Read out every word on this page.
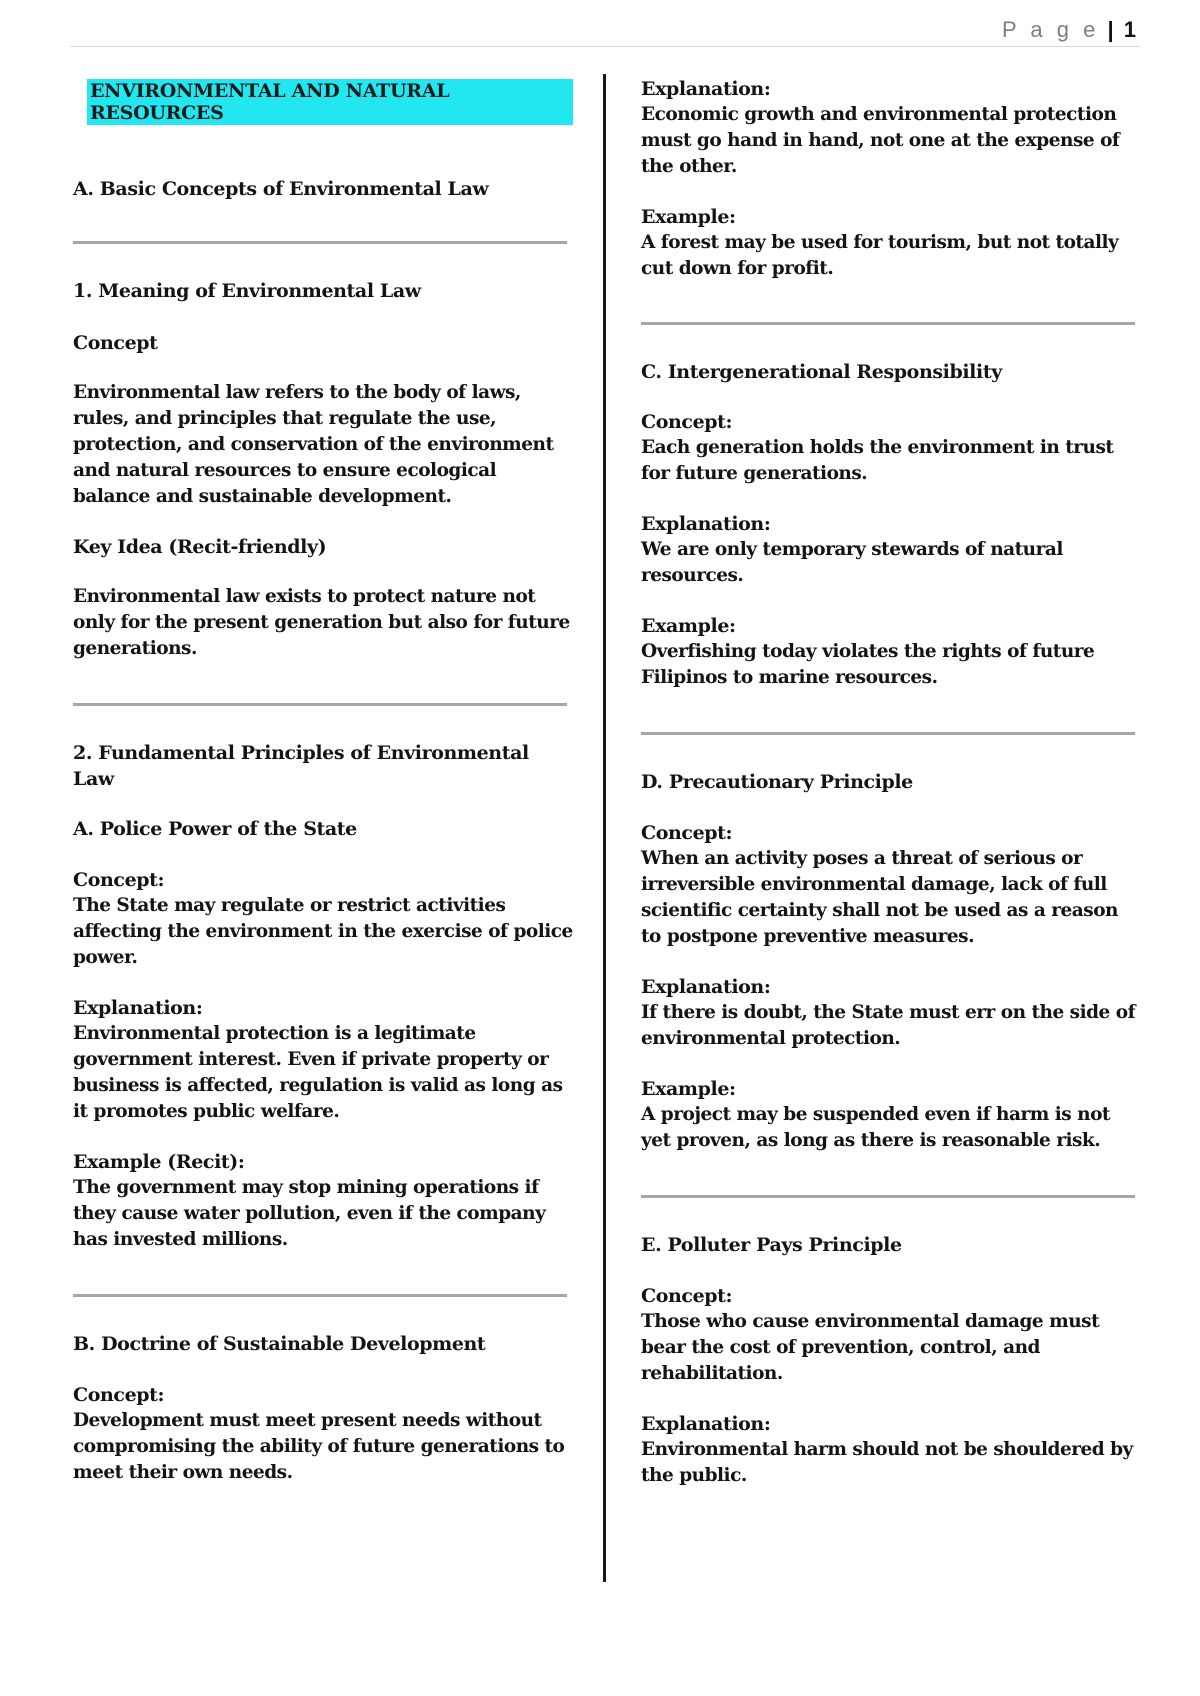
P a g e | 1
ENVIRONMENTAL AND NATURAL RESOURCES
A. Basic Concepts of Environmental Law
1. Meaning of Environmental Law
Concept
Environmental law refers to the body of laws, rules, and principles that regulate the use, protection, and conservation of the environment and natural resources to ensure ecological balance and sustainable development.
Key Idea (Recit-friendly)
Environmental law exists to protect nature not only for the present generation but also for future generations.
2. Fundamental Principles of Environmental Law
A. Police Power of the State
Concept:
The State may regulate or restrict activities affecting the environment in the exercise of police power.
Explanation:
Environmental protection is a legitimate government interest. Even if private property or business is affected, regulation is valid as long as it promotes public welfare.
Example (Recit):
The government may stop mining operations if they cause water pollution, even if the company has invested millions.
B. Doctrine of Sustainable Development
Concept:
Development must meet present needs without compromising the ability of future generations to meet their own needs.
Explanation:
Economic growth and environmental protection must go hand in hand, not one at the expense of the other.
Example:
A forest may be used for tourism, but not totally cut down for profit.
C. Intergenerational Responsibility
Concept:
Each generation holds the environment in trust for future generations.
Explanation:
We are only temporary stewards of natural resources.
Example:
Overfishing today violates the rights of future Filipinos to marine resources.
D. Precautionary Principle
Concept:
When an activity poses a threat of serious or irreversible environmental damage, lack of full scientific certainty shall not be used as a reason to postpone preventive measures.
Explanation:
If there is doubt, the State must err on the side of environmental protection.
Example:
A project may be suspended even if harm is not yet proven, as long as there is reasonable risk.
E. Polluter Pays Principle
Concept:
Those who cause environmental damage must bear the cost of prevention, control, and rehabilitation.
Explanation:
Environmental harm should not be shouldered by the public.
